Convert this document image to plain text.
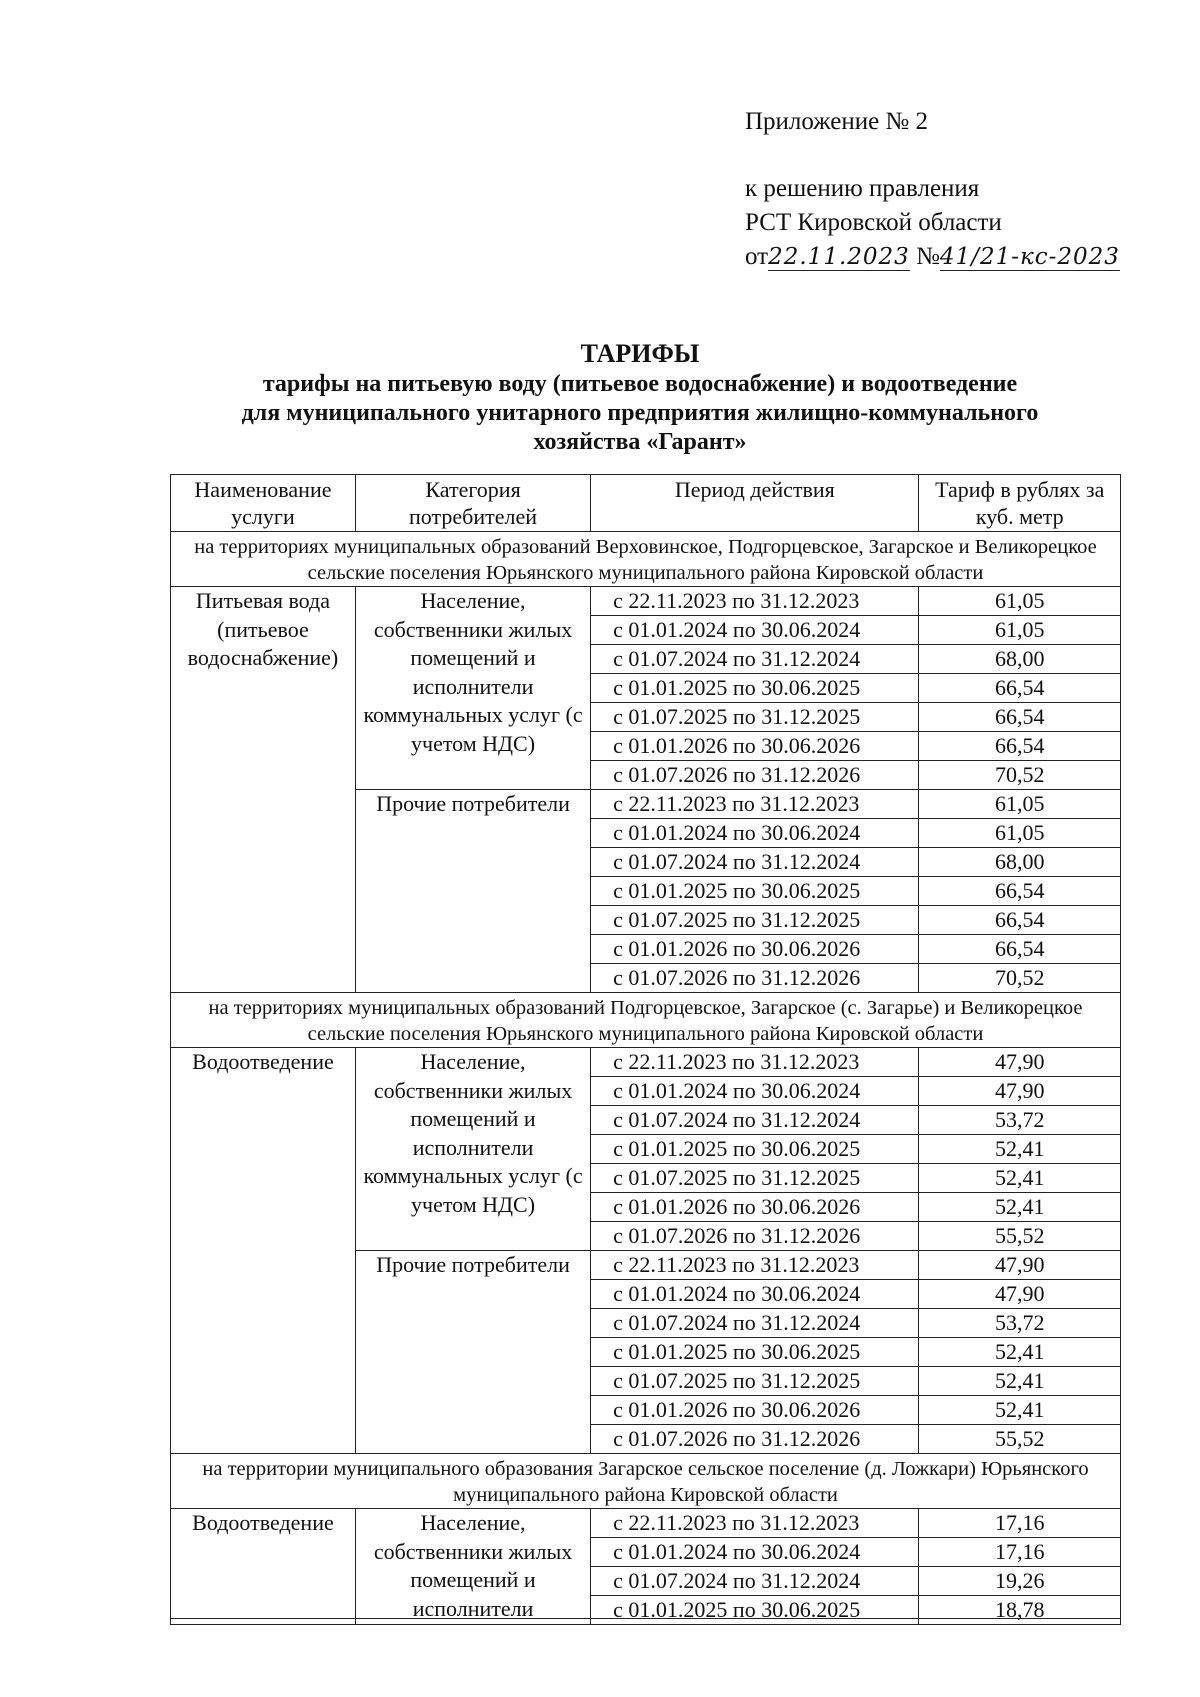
Приложение № 2
к решению правления
РСТ Кировской области
от22.11.2023 №41/21-кс-2023
ТАРИФЫ
тарифы на питьевую воду (питьевое водоснабжение) и водоотведение
для муниципального унитарного предприятия жилищно-коммунального
хозяйства «Гарант»
Наименование услуги	Категория потребителей	Период действия	Тариф в рублях за куб. метр
на территориях муниципальных образований Верховинское, Подгорцевское, Загарское и Великорецкое сельские поселения Юрьянского муниципального района Кировской области			
Питьевая вода (питьевое водоснабжение)	Население, собственники жилых помещений и исполнители коммунальных услуг (с учетом НДС)	с 22.11.2023 по 31.12.2023	61,05
		с 01.01.2024 по 30.06.2024	61,05
		с 01.07.2024 по 31.12.2024	68,00
		с 01.01.2025 по 30.06.2025	66,54
		с 01.07.2025 по 31.12.2025	66,54
		с 01.01.2026 по 30.06.2026	66,54
		с 01.07.2026 по 31.12.2026	70,52
	Прочие потребители	с 22.11.2023 по 31.12.2023	61,05
		с 01.01.2024 по 30.06.2024	61,05
		с 01.07.2024 по 31.12.2024	68,00
		с 01.01.2025 по 30.06.2025	66,54
		с 01.07.2025 по 31.12.2025	66,54
		с 01.01.2026 по 30.06.2026	66,54
		с 01.07.2026 по 31.12.2026	70,52
на территориях муниципальных образований Подгорцевское, Загарское (с. Загарье) и Великорецкое сельские поселения Юрьянского муниципального района Кировской области			
Водоотведение	Население, собственники жилых помещений и исполнители коммунальных услуг (с учетом НДС)	с 22.11.2023 по 31.12.2023	47,90
		с 01.01.2024 по 30.06.2024	47,90
		с 01.07.2024 по 31.12.2024	53,72
		с 01.01.2025 по 30.06.2025	52,41
		с 01.07.2025 по 31.12.2025	52,41
		с 01.01.2026 по 30.06.2026	52,41
		с 01.07.2026 по 31.12.2026	55,52
	Прочие потребители	с 22.11.2023 по 31.12.2023	47,90
		с 01.01.2024 по 30.06.2024	47,90
		с 01.07.2024 по 31.12.2024	53,72
		с 01.01.2025 по 30.06.2025	52,41
		с 01.07.2025 по 31.12.2025	52,41
		с 01.01.2026 по 30.06.2026	52,41
		с 01.07.2026 по 31.12.2026	55,52
на территории муниципального образования Загарское сельское поселение (д. Ложкари) Юрьянского муниципального района Кировской области			
Водоотведение	Население, собственники жилых помещений и исполнители	с 22.11.2023 по 31.12.2023	17,16
		с 01.01.2024 по 30.06.2024	17,16
		с 01.07.2024 по 31.12.2024	19,26
		с 01.01.2025 по 30.06.2025	18,78
